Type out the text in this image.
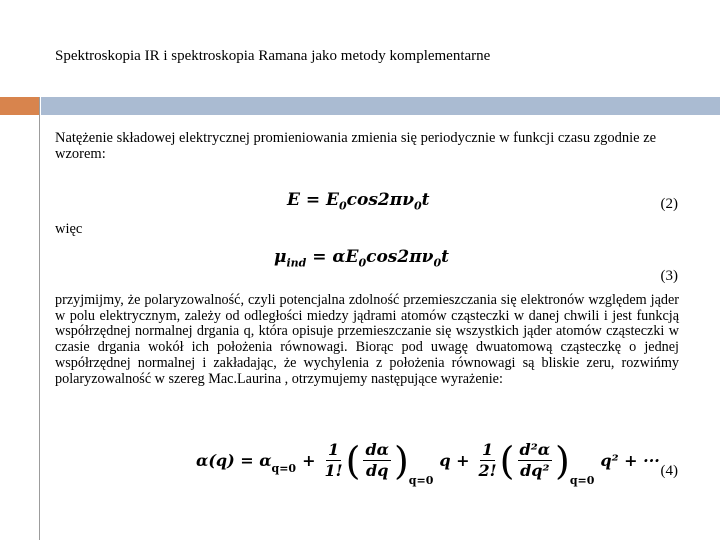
Spektroskopia IR i spektroskopia Ramana jako metody komplementarne
Natężenie składowej elektrycznej promieniowania zmienia się periodycznie w funkcji czasu zgodnie ze wzorem:
$E = E_0\cos 2\pi\nu_0t$	(2)
więc
$\mu_{ind} = \alpha E_0\cos 2\pi\nu_0t$
(3)
przyjmijmy, że polaryzowalność, czyli potencjalna zdolność przemieszczania się elektronów względem jąder w polu elektrycznym, zależy od odległości miedzy jądrami atomów cząsteczki w danej chwili i jest funkcją współrzędnej normalnej drgania q, która opisuje przemieszczanie się wszystkich jąder atomów cząsteczki w czasie drgania wokół ich położenia równowagi. Biorąc pod uwagę dwuatomową cząsteczkę o jednej współrzędnej normalnej i zakładając, że wychylenia z położenia równowagi są bliskie zeru, rozwińmy polaryzowalność w szereg Mac.Laurina , otrzymujemy następujące wyrażenie:
α(q) = α $q=0 + \frac{1}{1!}$ ( $\frac{d\alpha}{dq}$ ) q=0
$q + \frac{1}{2!}$ ( $\frac{\text{d²α}}{\text{dq²}}$ ) q=0
q² + ···
(4)
